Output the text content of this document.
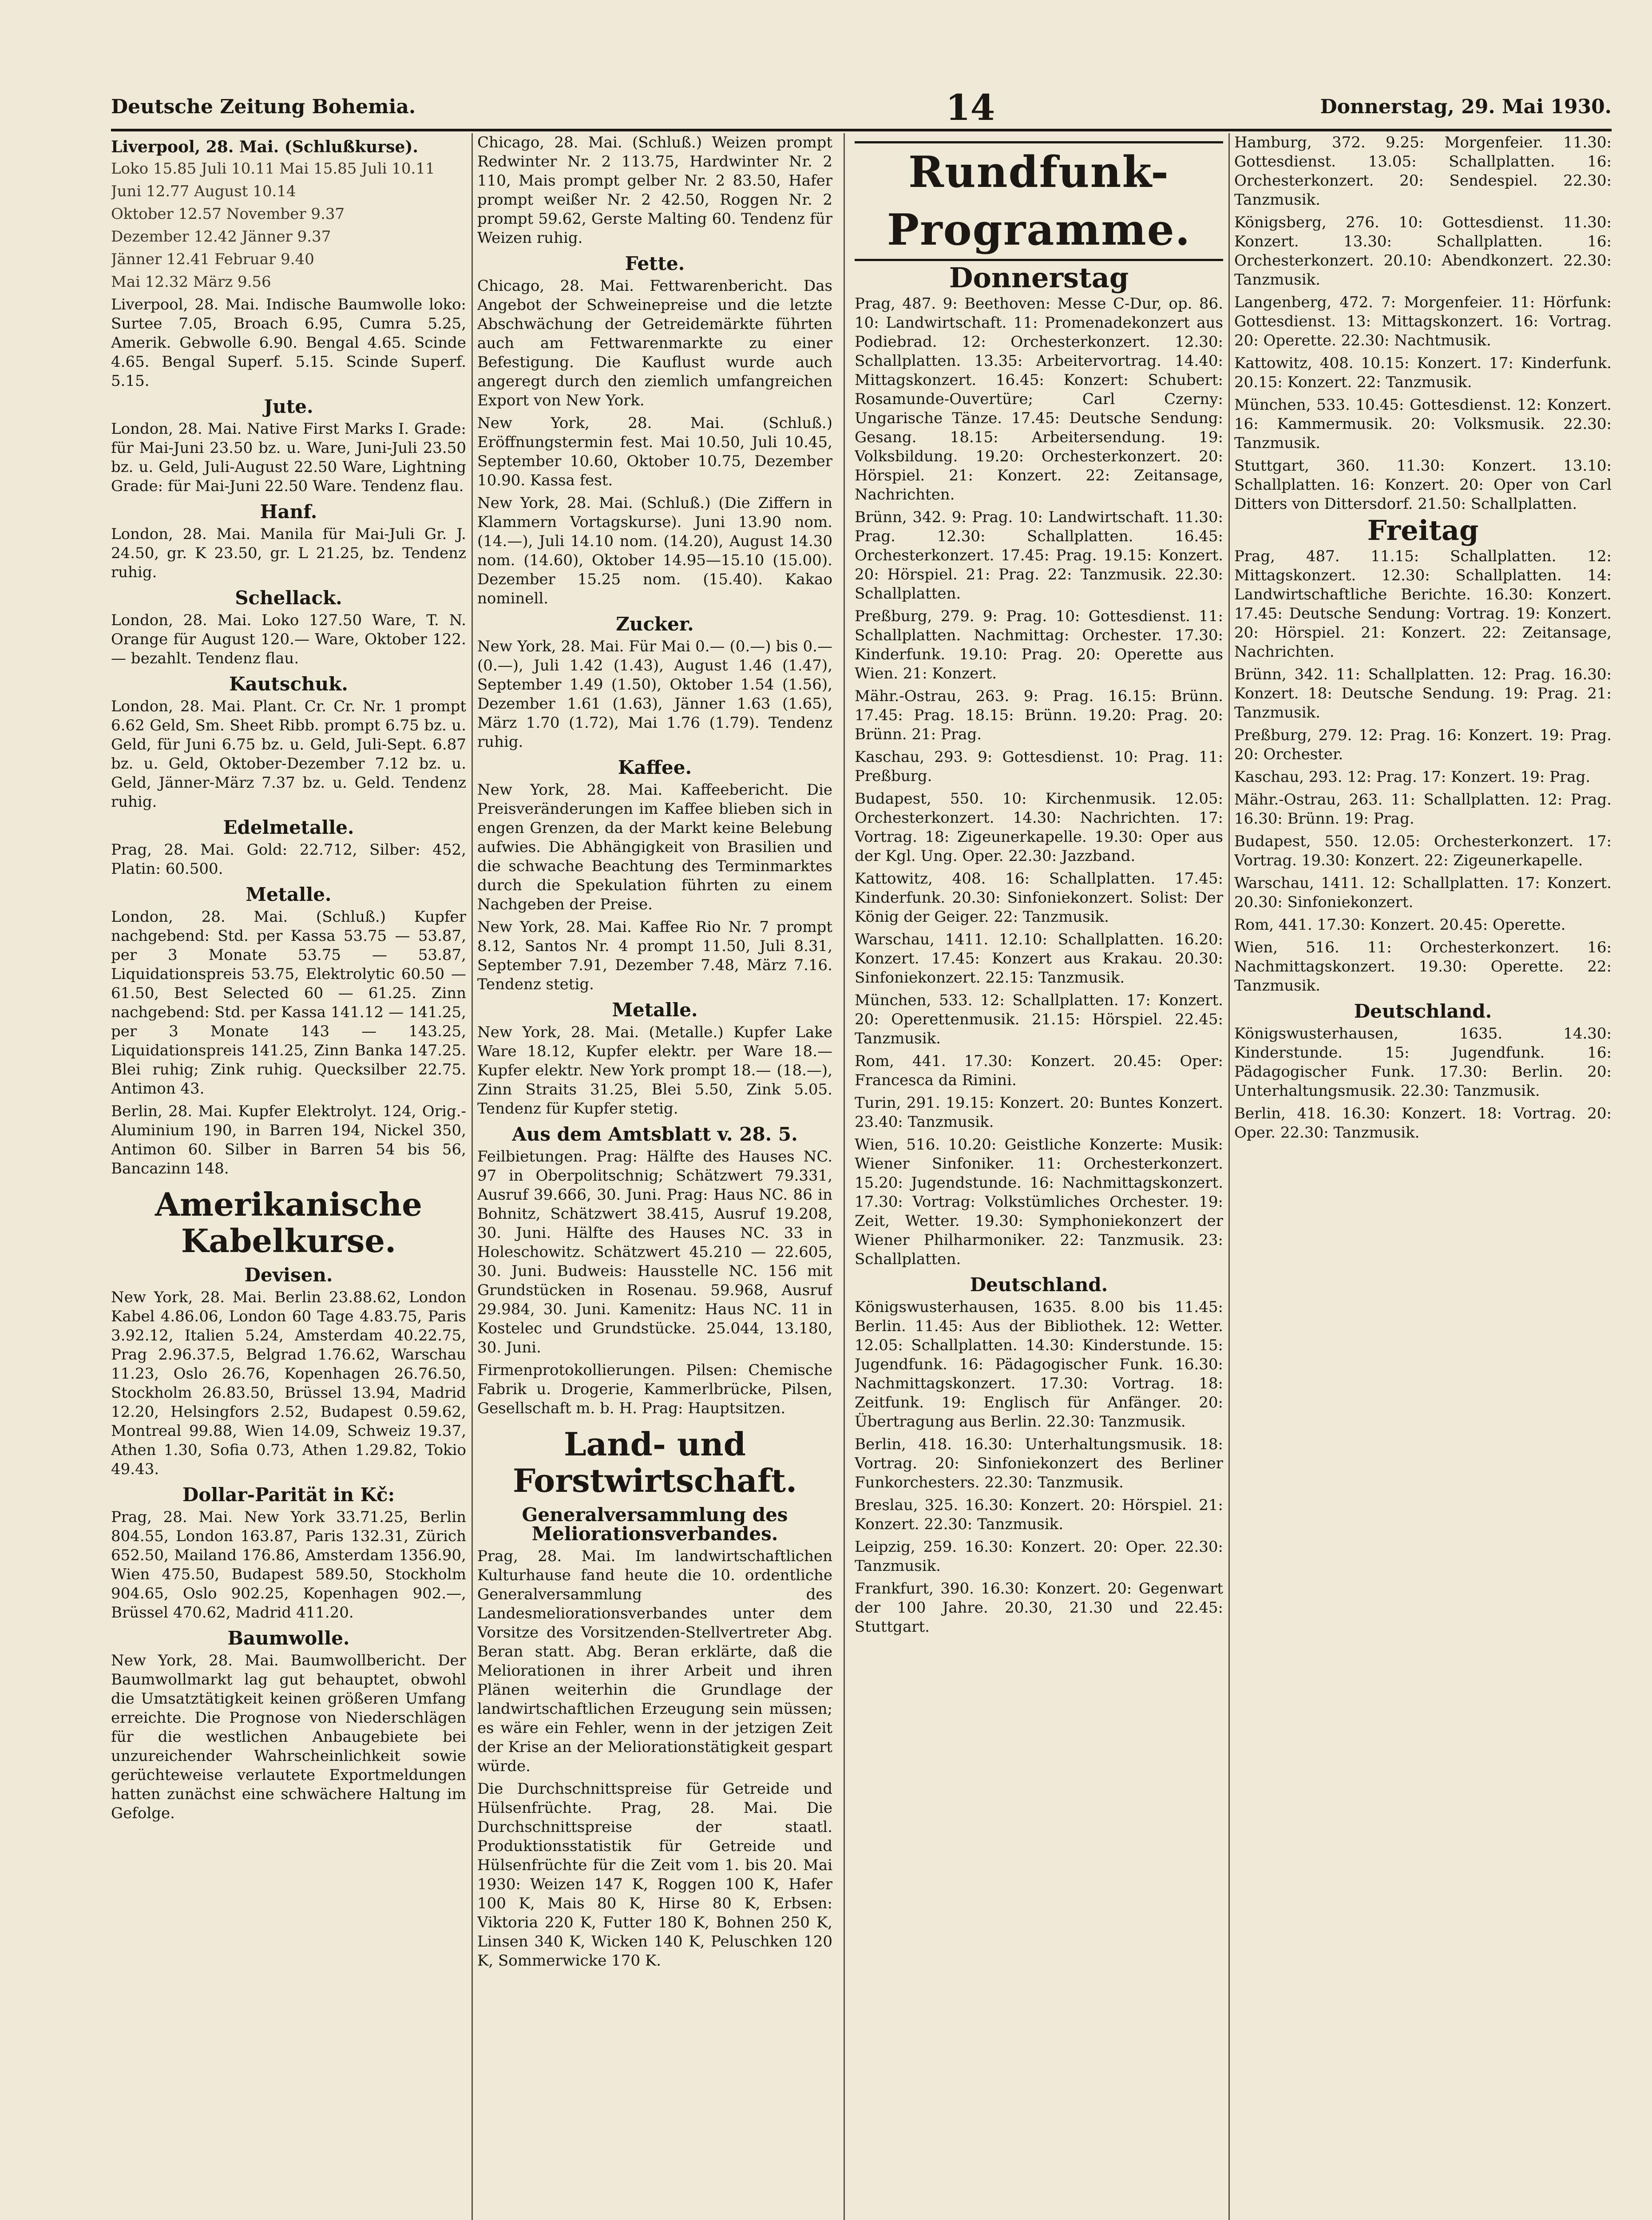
Deutsche Zeitung Bohemia.	14	Donnerstag, 29. Mai 1930.
Liverpool, 28. Mai. (Schlußkurse).

Loko 15.85 Juli 10.11 Mai 15.85 Juli 10.11

Juni 12.77 August 10.14

Oktober 12.57 November 9.37

Dezember 12.42 Jänner 9.37

Jänner 12.41 Februar 9.40

Mai 12.32 März 9.56

Liverpool, 28. Mai. Indische Baumwolle loko: Surtee 7.05, Broach 6.95, Cumra 5.25, Amerik. Gebwolle 6.90. Bengal 4.65. Scinde 4.65. Bengal Superf. 5.15. Scinde Superf. 5.15.

Jute.

London, 28. Mai. Native First Marks I. Grade: für Mai-Juni 23.50 bz. u. Ware, Juni-Juli 23.50 bz. u. Geld, Juli-August 22.50 Ware, Lightning Grade: für Mai-Juni 22.50 Ware. Tendenz flau.

Hanf.

London, 28. Mai. Manila für Mai-Juli Gr. J. 24.50, gr. K 23.50, gr. L 21.25, bz. Tendenz ruhig.

Schellack.

London, 28. Mai. Loko 127.50 Ware, T. N. Orange für August 120.— Ware, Oktober 122.— bezahlt. Tendenz flau.

Kautschuk.

London, 28. Mai. Plant. Cr. Cr. Nr. 1 prompt 6.62 Geld, Sm. Sheet Ribb. prompt 6.75 bz. u. Geld, für Juni 6.75 bz. u. Geld, Juli-Sept. 6.87 bz. u. Geld, Oktober-Dezember 7.12 bz. u. Geld, Jänner-März 7.37 bz. u. Geld. Tendenz ruhig.

Edelmetalle.

Prag, 28. Mai. Gold: 22.712, Silber: 452, Platin: 60.500.

Metalle.

London, 28. Mai. (Schluß.) Kupfer nachgebend: Std. per Kassa 53.75 — 53.87, per 3 Monate 53.75 — 53.87, Liquidationspreis 53.75, Elektrolytic 60.50 — 61.50, Best Selected 60 — 61.25. Zinn nachgebend: Std. per Kassa 141.12 — 141.25, per 3 Monate 143 — 143.25, Liquidationspreis 141.25, Zinn Banka 147.25. Blei ruhig; Zink ruhig. Quecksilber 22.75. Antimon 43.

Berlin, 28. Mai. Kupfer Elektrolyt. 124, Orig.-Aluminium 190, in Barren 194, Nickel 350, Antimon 60. Silber in Barren 54 bis 56, Bancazinn 148.

Amerikanische Kabelkurse.
Devisen.

New York, 28. Mai. Berlin 23.88.62, London Kabel 4.86.06, London 60 Tage 4.83.75, Paris 3.92.12, Italien 5.24, Amsterdam 40.22.75, Prag 2.96.37.5, Belgrad 1.76.62, Warschau 11.23, Oslo 26.76, Kopenhagen 26.76.50, Stockholm 26.83.50, Brüssel 13.94, Madrid 12.20, Helsingfors 2.52, Budapest 0.59.62, Montreal 99.88, Wien 14.09, Schweiz 19.37, Athen 1.30, Sofia 0.73, Athen 1.29.82, Tokio 49.43.

Dollar-Parität in Kč:

Prag, 28. Mai. New York 33.71.25, Berlin 804.55, London 163.87, Paris 132.31, Zürich 652.50, Mailand 176.86, Amsterdam 1356.90, Wien 475.50, Budapest 589.50, Stockholm 904.65, Oslo 902.25, Kopenhagen 902.—, Brüssel 470.62, Madrid 411.20.

Baumwolle.

New York, 28. Mai. Baumwollbericht. Der Baumwollmarkt lag gut behauptet, obwohl die Umsatztätigkeit keinen größeren Umfang erreichte. Die Prognose von Niederschlägen für die westlichen Anbaugebiete bei unzureichender Wahrscheinlichkeit sowie gerüchteweise verlautete Exportmeldungen hatten zunächst eine schwächere Haltung im Gefolge.

Chicago, 28. Mai. (Schluß.) Weizen prompt Redwinter Nr. 2 113.75, Hardwinter Nr. 2 110, Mais prompt gelber Nr. 2 83.50, Hafer prompt weißer Nr. 2 42.50, Roggen Nr. 2 prompt 59.62, Gerste Malting 60. Tendenz für Weizen ruhig.

Fette.

Chicago, 28. Mai. Fettwarenbericht. Das Angebot der Schweinepreise und die letzte Abschwächung der Getreidemärkte führten auch am Fettwarenmarkte zu einer Befestigung. Die Kauflust wurde auch angeregt durch den ziemlich umfangreichen Export von New York.

New York, 28. Mai. (Schluß.) Eröffnungstermin fest. Mai 10.50, Juli 10.45, September 10.60, Oktober 10.75, Dezember 10.90. Kassa fest.

New York, 28. Mai. (Schluß.) (Die Ziffern in Klammern Vortagskurse). Juni 13.90 nom. (14.—), Juli 14.10 nom. (14.20), August 14.30 nom. (14.60), Oktober 14.95—15.10 (15.00). Dezember 15.25 nom. (15.40). Kakao nominell.

Zucker.

New York, 28. Mai. Für Mai 0.— (0.—) bis 0.— (0.—), Juli 1.42 (1.43), August 1.46 (1.47), September 1.49 (1.50), Oktober 1.54 (1.56), Dezember 1.61 (1.63), Jänner 1.63 (1.65), März 1.70 (1.72), Mai 1.76 (1.79). Tendenz ruhig.

Kaffee.

New York, 28. Mai. Kaffeebericht. Die Preisveränderungen im Kaffee blieben sich in engen Grenzen, da der Markt keine Belebung aufwies. Die Abhängigkeit von Brasilien und die schwache Beachtung des Terminmarktes durch die Spekulation führten zu einem Nachgeben der Preise.

New York, 28. Mai. Kaffee Rio Nr. 7 prompt 8.12, Santos Nr. 4 prompt 11.50, Juli 8.31, September 7.91, Dezember 7.48, März 7.16. Tendenz stetig.

Metalle.

New York, 28. Mai. (Metalle.) Kupfer Lake Ware 18.12, Kupfer elektr. per Ware 18.— Kupfer elektr. New York prompt 18.— (18.—), Zinn Straits 31.25, Blei 5.50, Zink 5.05. Tendenz für Kupfer stetig.

Aus dem Amtsblatt v. 28. 5.

Feilbietungen. Prag: Hälfte des Hauses NC. 97 in Oberpolitschnig; Schätzwert 79.331, Ausruf 39.666, 30. Juni. Prag: Haus NC. 86 in Bohnitz, Schätzwert 38.415, Ausruf 19.208, 30. Juni. Hälfte des Hauses NC. 33 in Holeschowitz. Schätzwert 45.210 — 22.605, 30. Juni. Budweis: Hausstelle NC. 156 mit Grundstücken in Rosenau. 59.968, Ausruf 29.984, 30. Juni. Kamenitz: Haus NC. 11 in Kostelec und Grundstücke. 25.044, 13.180, 30. Juni.

Firmenprotokollierungen. Pilsen: Chemische Fabrik u. Drogerie, Kammerlbrücke, Pilsen, Gesellschaft m. b. H. Prag: Hauptsitzen.

Land- und Forstwirtschaft.
Generalversammlung des Meliorationsverbandes.

Prag, 28. Mai. Im landwirtschaftlichen Kulturhause fand heute die 10. ordentliche Generalversammlung des Landesmeliorationsverbandes unter dem Vorsitze des Vorsitzenden-Stellvertreter Abg. Beran statt. Abg. Beran erklärte, daß die Meliorationen in ihrer Arbeit und ihren Plänen weiterhin die Grundlage der landwirtschaftlichen Erzeugung sein müssen; es wäre ein Fehler, wenn in der jetzigen Zeit der Krise an der Meliorationstätigkeit gespart würde.

Die Durchschnittspreise für Getreide und Hülsenfrüchte. Prag, 28. Mai. Die Durchschnittspreise der staatl. Produktionsstatistik für Getreide und Hülsenfrüchte für die Zeit vom 1. bis 20. Mai 1930: Weizen 147 K, Roggen 100 K, Hafer 100 K, Mais 80 K, Hirse 80 K, Erbsen: Viktoria 220 K, Futter 180 K, Bohnen 250 K, Linsen 340 K, Wicken 140 K, Peluschken 120 K, Sommerwicke 170 K.

Rundfunk-Programme.
Donnerstag

Prag, 487. 9: Beethoven: Messe C-Dur, op. 86. 10: Landwirtschaft. 11: Promenadekonzert aus Podiebrad. 12: Orchesterkonzert. 12.30: Schallplatten. 13.35: Arbeitervortrag. 14.40: Mittagskonzert. 16.45: Konzert: Schubert: Rosamunde-Ouvertüre; Carl Czerny: Ungarische Tänze. 17.45: Deutsche Sendung: Gesang. 18.15: Arbeitersendung. 19: Volksbildung. 19.20: Orchesterkonzert. 20: Hörspiel. 21: Konzert. 22: Zeitansage, Nachrichten.

Brünn, 342. 9: Prag. 10: Landwirtschaft. 11.30: Prag. 12.30: Schallplatten. 16.45: Orchesterkonzert. 17.45: Prag. 19.15: Konzert. 20: Hörspiel. 21: Prag. 22: Tanzmusik. 22.30: Schallplatten.

Preßburg, 279. 9: Prag. 10: Gottesdienst. 11: Schallplatten. Nachmittag: Orchester. 17.30: Kinderfunk. 19.10: Prag. 20: Operette aus Wien. 21: Konzert.

Mähr.-Ostrau, 263. 9: Prag. 16.15: Brünn. 17.45: Prag. 18.15: Brünn. 19.20: Prag. 20: Brünn. 21: Prag.

Kaschau, 293. 9: Gottesdienst. 10: Prag. 11: Preßburg.

Budapest, 550. 10: Kirchenmusik. 12.05: Orchesterkonzert. 14.30: Nachrichten. 17: Vortrag. 18: Zigeunerkapelle. 19.30: Oper aus der Kgl. Ung. Oper. 22.30: Jazzband.

Kattowitz, 408. 16: Schallplatten. 17.45: Kinderfunk. 20.30: Sinfoniekonzert. Solist: Der König der Geiger. 22: Tanzmusik.

Warschau, 1411. 12.10: Schallplatten. 16.20: Konzert. 17.45: Konzert aus Krakau. 20.30: Sinfoniekonzert. 22.15: Tanzmusik.

München, 533. 12: Schallplatten. 17: Konzert. 20: Operettenmusik. 21.15: Hörspiel. 22.45: Tanzmusik.

Rom, 441. 17.30: Konzert. 20.45: Oper: Francesca da Rimini.

Turin, 291. 19.15: Konzert. 20: Buntes Konzert. 23.40: Tanzmusik.

Wien, 516. 10.20: Geistliche Konzerte: Musik: Wiener Sinfoniker. 11: Orchesterkonzert. 15.20: Jugendstunde. 16: Nachmittagskonzert. 17.30: Vortrag: Volkstümliches Orchester. 19: Zeit, Wetter. 19.30: Symphoniekonzert der Wiener Philharmoniker. 22: Tanzmusik. 23: Schallplatten.

Deutschland.

Königswusterhausen, 1635. 8.00 bis 11.45: Berlin. 11.45: Aus der Bibliothek. 12: Wetter. 12.05: Schallplatten. 14.30: Kinderstunde. 15: Jugendfunk. 16: Pädagogischer Funk. 16.30: Nachmittagskonzert. 17.30: Vortrag. 18: Zeitfunk. 19: Englisch für Anfänger. 20: Übertragung aus Berlin. 22.30: Tanzmusik.

Berlin, 418. 16.30: Unterhaltungsmusik. 18: Vortrag. 20: Sinfoniekonzert des Berliner Funkorchesters. 22.30: Tanzmusik.

Breslau, 325. 16.30: Konzert. 20: Hörspiel. 21: Konzert. 22.30: Tanzmusik.

Leipzig, 259. 16.30: Konzert. 20: Oper. 22.30: Tanzmusik.

Frankfurt, 390. 16.30: Konzert. 20: Gegenwart der 100 Jahre. 20.30, 21.30 und 22.45: Stuttgart.

Hamburg, 372. 9.25: Morgenfeier. 11.30: Gottesdienst. 13.05: Schallplatten. 16: Orchesterkonzert. 20: Sendespiel. 22.30: Tanzmusik.

Königsberg, 276. 10: Gottesdienst. 11.30: Konzert. 13.30: Schallplatten. 16: Orchesterkonzert. 20.10: Abendkonzert. 22.30: Tanzmusik.

Langenberg, 472. 7: Morgenfeier. 11: Hörfunk: Gottesdienst. 13: Mittagskonzert. 16: Vortrag. 20: Operette. 22.30: Nachtmusik.

Kattowitz, 408. 10.15: Konzert. 17: Kinderfunk. 20.15: Konzert. 22: Tanzmusik.

München, 533. 10.45: Gottesdienst. 12: Konzert. 16: Kammermusik. 20: Volksmusik. 22.30: Tanzmusik.

Stuttgart, 360. 11.30: Konzert. 13.10: Schallplatten. 16: Konzert. 20: Oper von Carl Ditters von Dittersdorf. 21.50: Schallplatten.

Freitag

Prag, 487. 11.15: Schallplatten. 12: Mittagskonzert. 12.30: Schallplatten. 14: Landwirtschaftliche Berichte. 16.30: Konzert. 17.45: Deutsche Sendung: Vortrag. 19: Konzert. 20: Hörspiel. 21: Konzert. 22: Zeitansage, Nachrichten.

Brünn, 342. 11: Schallplatten. 12: Prag. 16.30: Konzert. 18: Deutsche Sendung. 19: Prag. 21: Tanzmusik.

Preßburg, 279. 12: Prag. 16: Konzert. 19: Prag. 20: Orchester.

Kaschau, 293. 12: Prag. 17: Konzert. 19: Prag.

Mähr.-Ostrau, 263. 11: Schallplatten. 12: Prag. 16.30: Brünn. 19: Prag.

Budapest, 550. 12.05: Orchesterkonzert. 17: Vortrag. 19.30: Konzert. 22: Zigeunerkapelle.

Warschau, 1411. 12: Schallplatten. 17: Konzert. 20.30: Sinfoniekonzert.

Rom, 441. 17.30: Konzert. 20.45: Operette.

Wien, 516. 11: Orchesterkonzert. 16: Nachmittagskonzert. 19.30: Operette. 22: Tanzmusik.

Deutschland.

Königswusterhausen, 1635. 14.30: Kinderstunde. 15: Jugendfunk. 16: Pädagogischer Funk. 17.30: Berlin. 20: Unterhaltungsmusik. 22.30: Tanzmusik.

Berlin, 418. 16.30: Konzert. 18: Vortrag. 20: Oper. 22.30: Tanzmusik.
